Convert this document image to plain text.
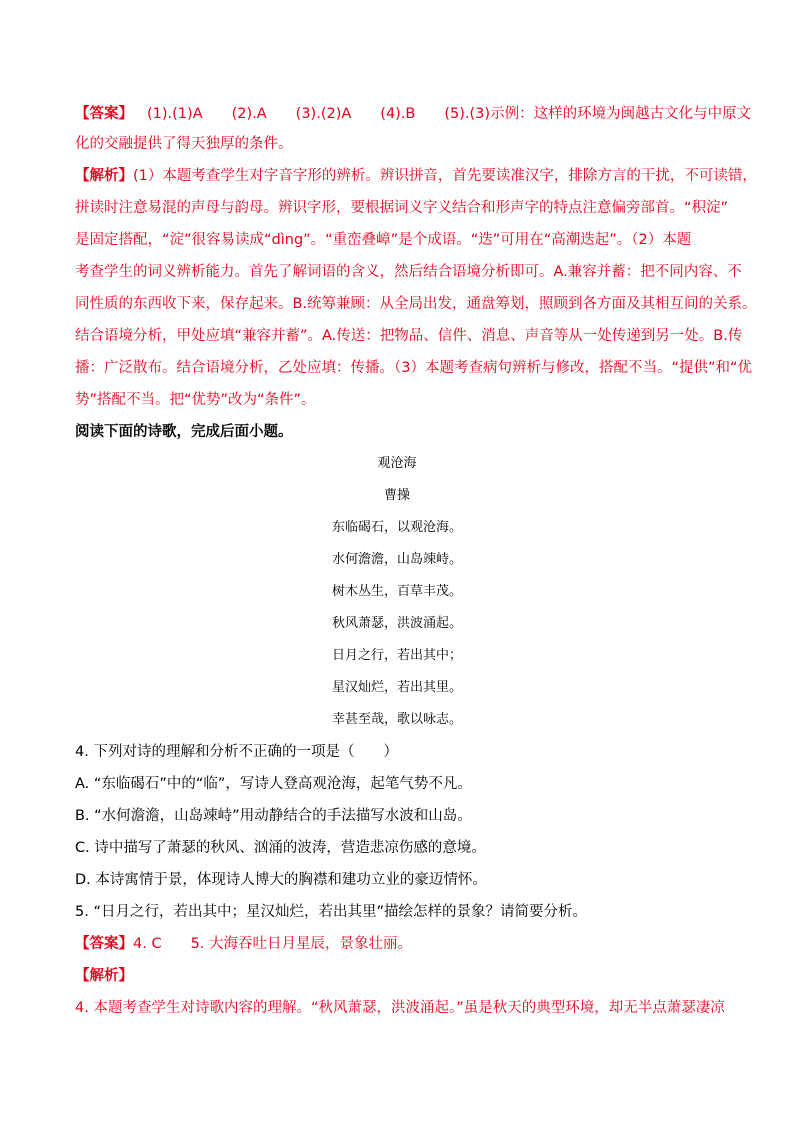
【答案】 (1).(1)A　　(2).A　　(3).(2)A　　(4).B　　(5).(3)示例：这样的环境为闽越古文化与中原文
化的交融提供了得天独厚的条件。
【解析】(1）本题考查学生对字音字形的辨析。辨识拼音，首先要读准汉字，排除方言的干扰，不可读错，
拼读时注意易混的声母与韵母。辨识字形，要根据词义字义结合和形声字的特点注意偏旁部首。“积淀”
是固定搭配，“淀”很容易读成“dìng”。“重峦叠嶂”是个成语。“迭”可用在“高潮迭起”。（2）本题
考查学生的词义辨析能力。首先了解词语的含义，然后结合语境分析即可。A.兼容并蓄：把不同内容、不
同性质的东西收下来，保存起来。B.统筹兼顾：从全局出发，通盘筹划，照顾到各方面及其相互间的关系。
结合语境分析，甲处应填“兼容并蓄”。A.传送：把物品、信件、消息、声音等从一处传递到另一处。B.传
播：广泛散布。结合语境分析，乙处应填：传播。（3）本题考查病句辨析与修改，搭配不当。“提供”和“优
势”搭配不当。把“优势”改为“条件”。
阅读下面的诗歌，完成后面小题。
观沧海
曹操
东临碣石，以观沧海。
水何澹澹，山岛竦峙。
树木丛生，百草丰茂。
秋风萧瑟，洪波涌起。
日月之行，若出其中；
星汉灿烂，若出其里。
幸甚至哉，歌以咏志。
4. 下列对诗的理解和分析不正确的一项是（　　）
A. “东临碣石”中的“临”，写诗人登高观沧海，起笔气势不凡。
B. “水何澹澹，山岛竦峙”用动静结合的手法描写水波和山岛。
C. 诗中描写了萧瑟的秋风、汹涌的波涛，营造悲凉伤感的意境。
D. 本诗寓情于景，体现诗人博大的胸襟和建功立业的豪迈情怀。
5. “日月之行，若出其中；星汉灿烂，若出其里”描绘怎样的景象？请简要分析。
【答案】4. C　　5. 大海吞吐日月星辰，景象壮丽。
【解析】
4. 本题考查学生对诗歌内容的理解。“秋风萧瑟，洪波涌起。”虽是秋天的典型环境，却无半点萧瑟凄凉
